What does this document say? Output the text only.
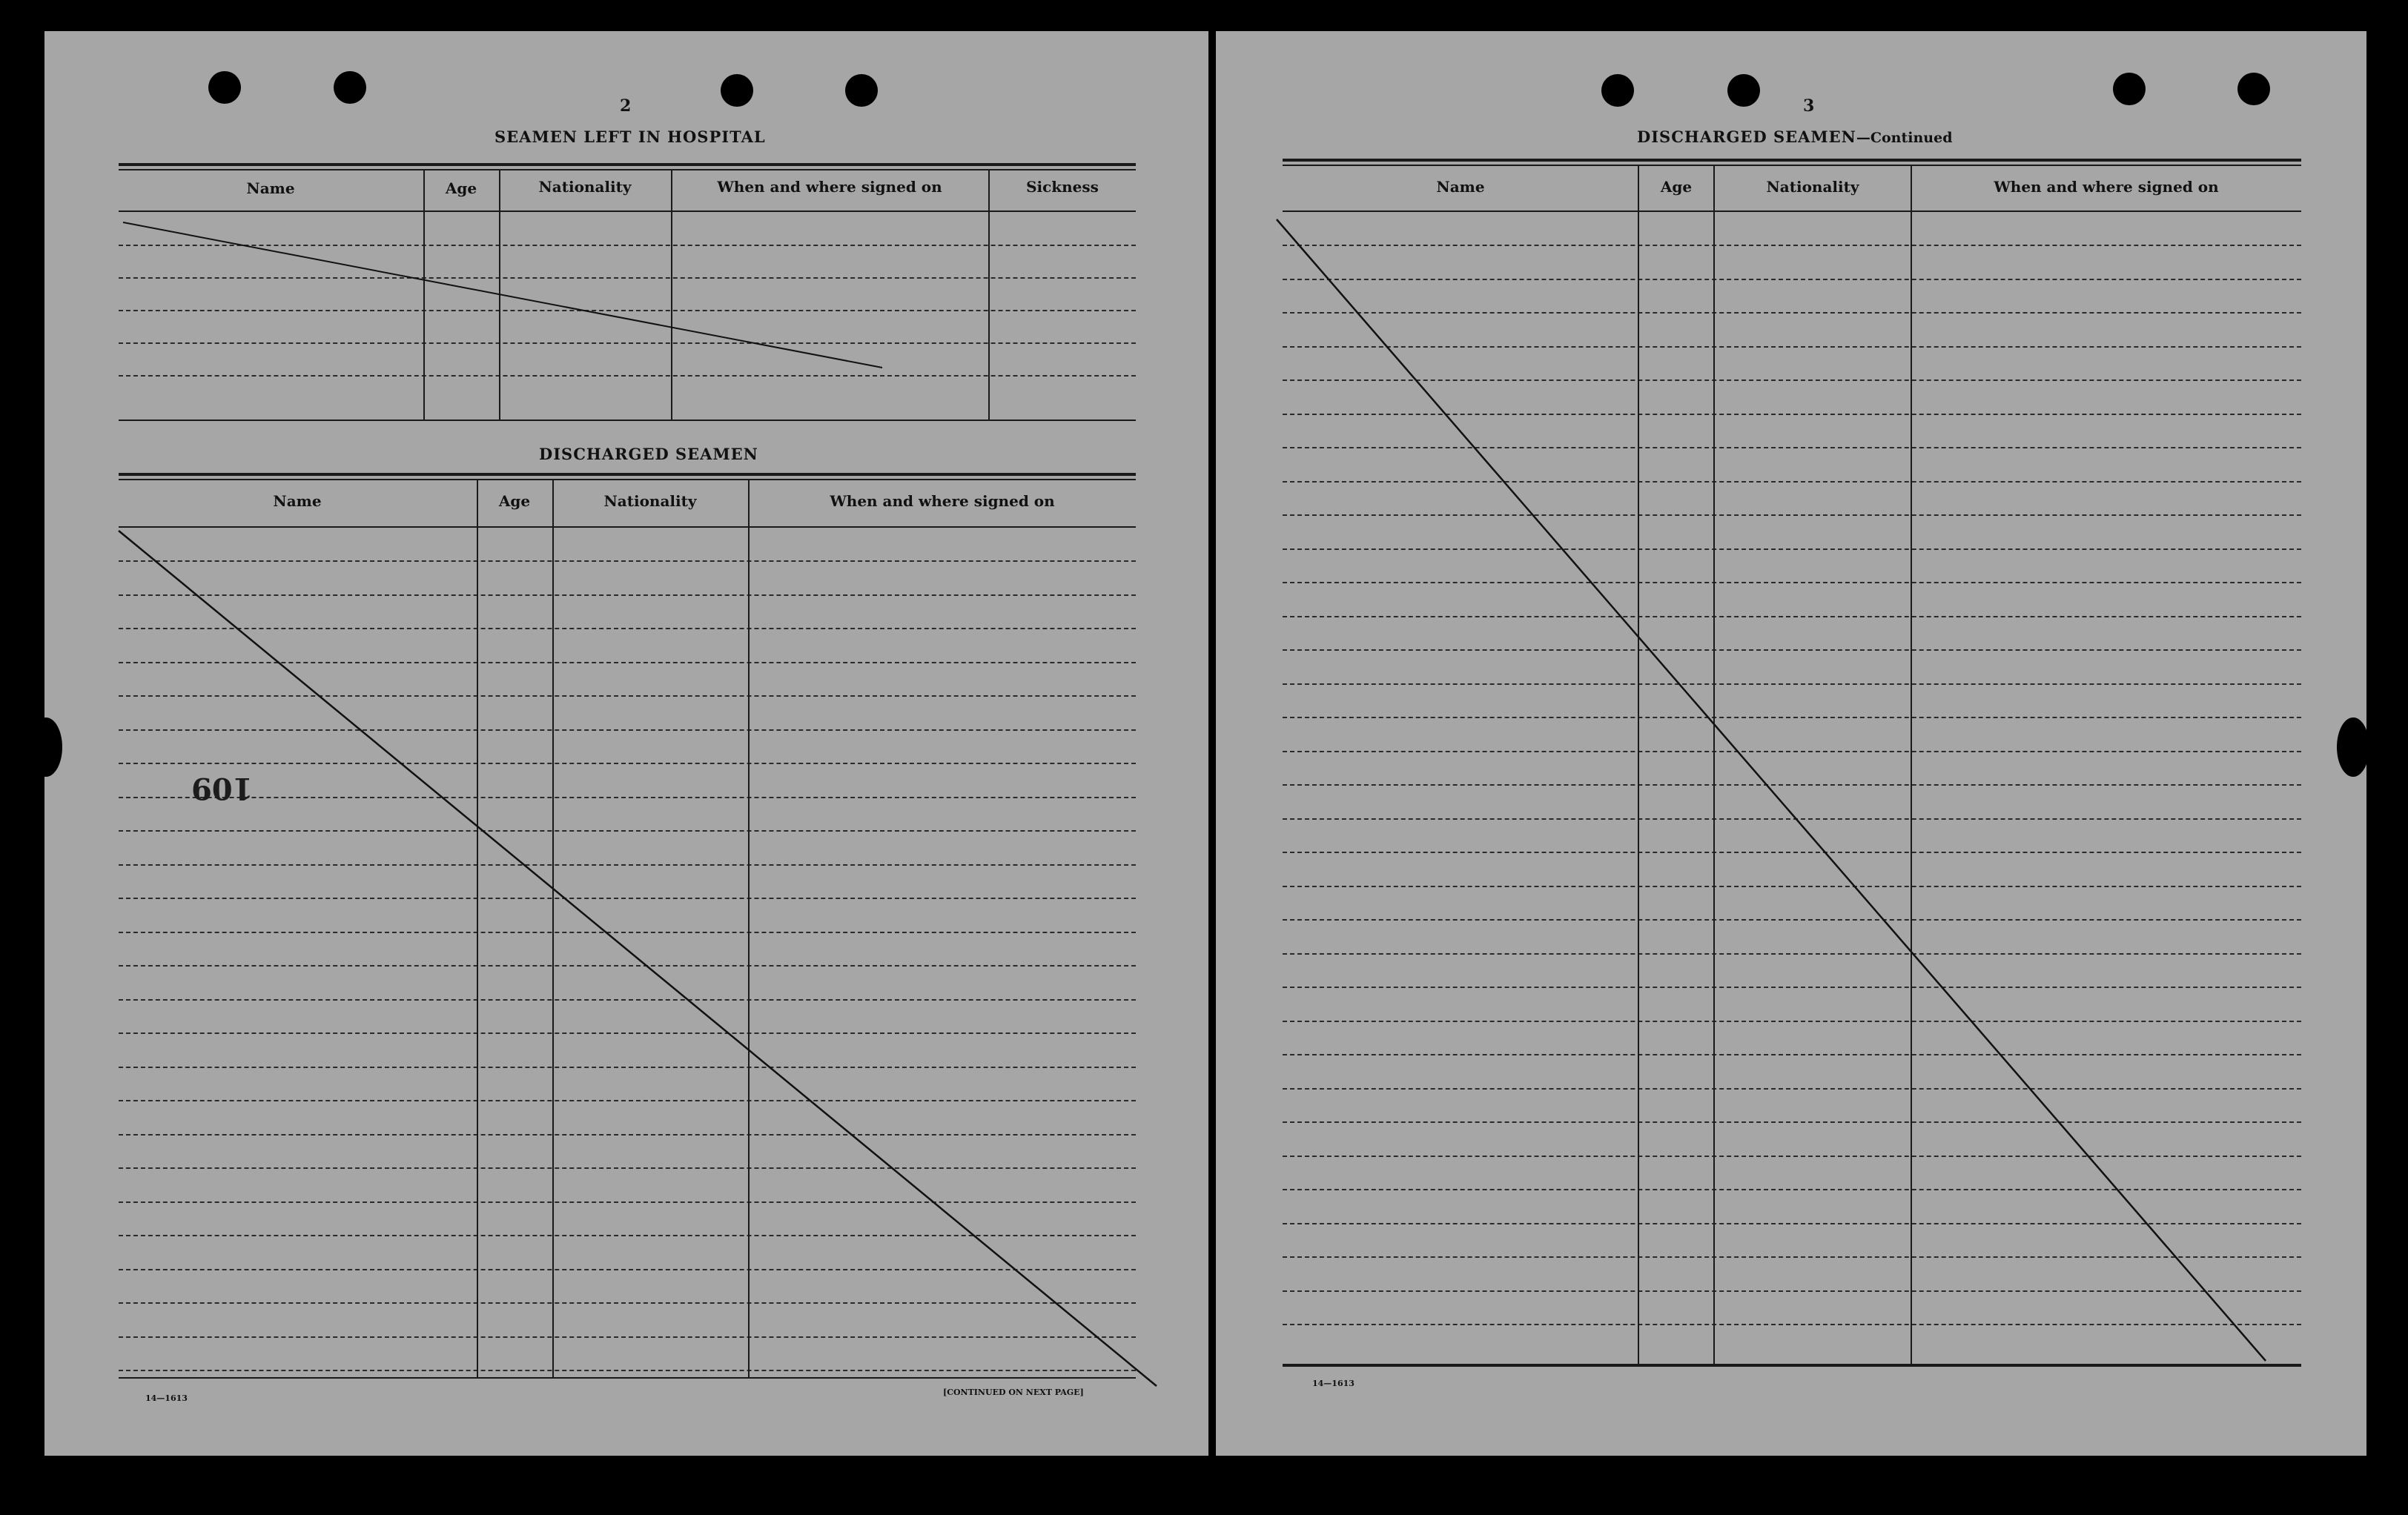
2
SEAMEN LEFT IN HOSPITAL
Name	Age	Nationality	When and where signed on	Sickness
DISCHARGED SEAMEN
Name	Age	Nationality	When and where signed on
109
14—1613
[CONTINUED ON NEXT PAGE]
3
DISCHARGED SEAMEN—Continued
Name	Age	Nationality	When and where signed on
14—1613
